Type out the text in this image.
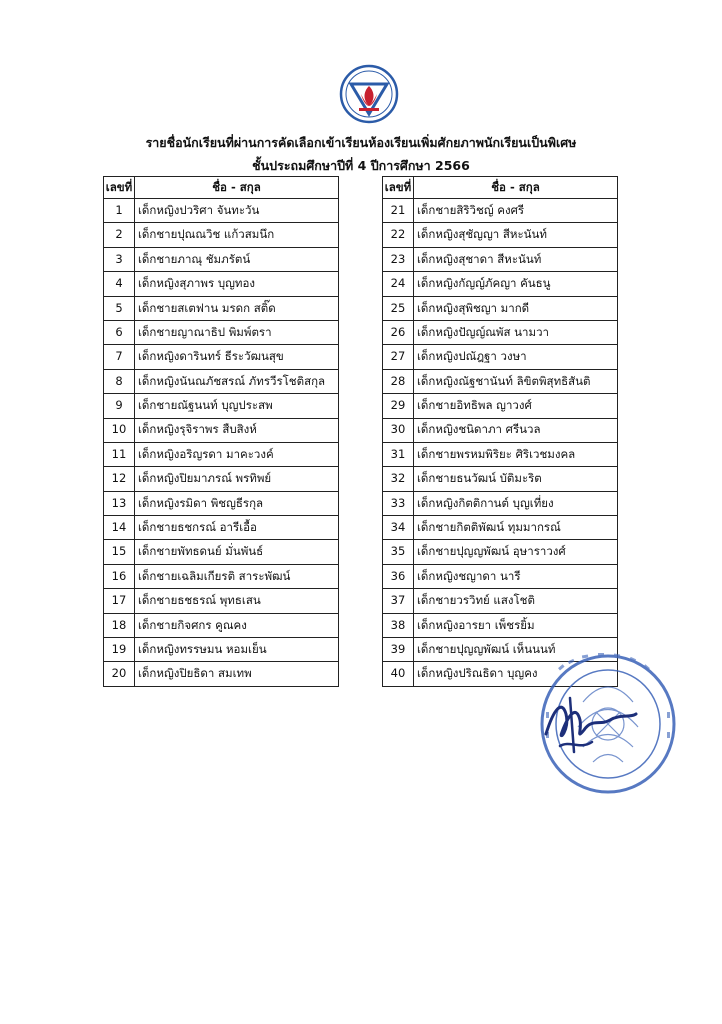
รายชื่อนักเรียนที่ผ่านการคัดเลือกเข้าเรียนห้องเรียนเพิ่มศักยภาพนักเรียนเป็นพิเศษ
ชั้นประถมศึกษาปีที่ 4 ปีการศึกษา 2566
เลขที่	ชื่อ - สกุล
1	เด็กหญิงปวริศา จันทะวัน
2	เด็กชายปุณณวิช แก้วสมนึก
3	เด็กชายภาณุ ชัมภรัตน์
4	เด็กหญิงสุภาพร บุญทอง
5	เด็กชายสเตฟาน มรดก สติ๊ด
6	เด็กชายญาณาธิป พิมพ์ตรา
7	เด็กหญิงดารินทร์ ธีระวัฒนสุข
8	เด็กหญิงนันณภัชสรณ์ ภัทรวีรโชติสกุล
9	เด็กชายณัฐนนท์ บุญประสพ
10	เด็กหญิงรุจิราพร สืบสิงห์
11	เด็กหญิงอริญรดา มาคะวงค์
12	เด็กหญิงปิยมาภรณ์ พรทิพย์
13	เด็กหญิงรมิดา พิชญธีรกุล
14	เด็กชายธชกรณ์ อารีเอื้อ
15	เด็กชายพัทธดนย์ มั่นพันธ์
16	เด็กชายเฉลิมเกียรติ สาระพัฒน์
17	เด็กชายธชธรณ์ พุทธเสน
18	เด็กชายกิจศกร คูณคง
19	เด็กหญิงทรรษมน หอมเย็น
20	เด็กหญิงปิยธิดา สมเทพ
เลขที่	ชื่อ - สกุล
21	เด็กชายสิริวิชญ์ คงศรี
22	เด็กหญิงสุชัญญา สีหะนันท์
23	เด็กหญิงสุชาดา สีหะนันท์
24	เด็กหญิงกัญญ์ภัคญา คันธนู
25	เด็กหญิงสุพิชญา มากดี
26	เด็กหญิงปัญญ์ณพัส นามวา
27	เด็กหญิงปณัฎฐา วงษา
28	เด็กหญิงณัฐชานันท์ ลิขิตพิสุทธิสันติ
29	เด็กชายอิทธิพล ญาวงศ์
30	เด็กหญิงชนิดาภา ศรีนวล
31	เด็กชายพรหมพิริยะ ศิริเวชมงคล
32	เด็กชายธนวัฒน์ บัติมะริต
33	เด็กหญิงกิตติกานต์ บุญเที่ยง
34	เด็กชายกิตติพัฒน์ ทุมมากรณ์
35	เด็กชายปุญญพัฒน์ อุษาราวงศ์
36	เด็กหญิงชญาดา นารี
37	เด็กชายวรวิทย์ แสงโชติ
38	เด็กหญิงอารยา เพ็ชรยิ้ม
39	เด็กชายปุญญพัฒน์ เห็นนนท์
40	เด็กหญิงปริณธิดา บุญคง
